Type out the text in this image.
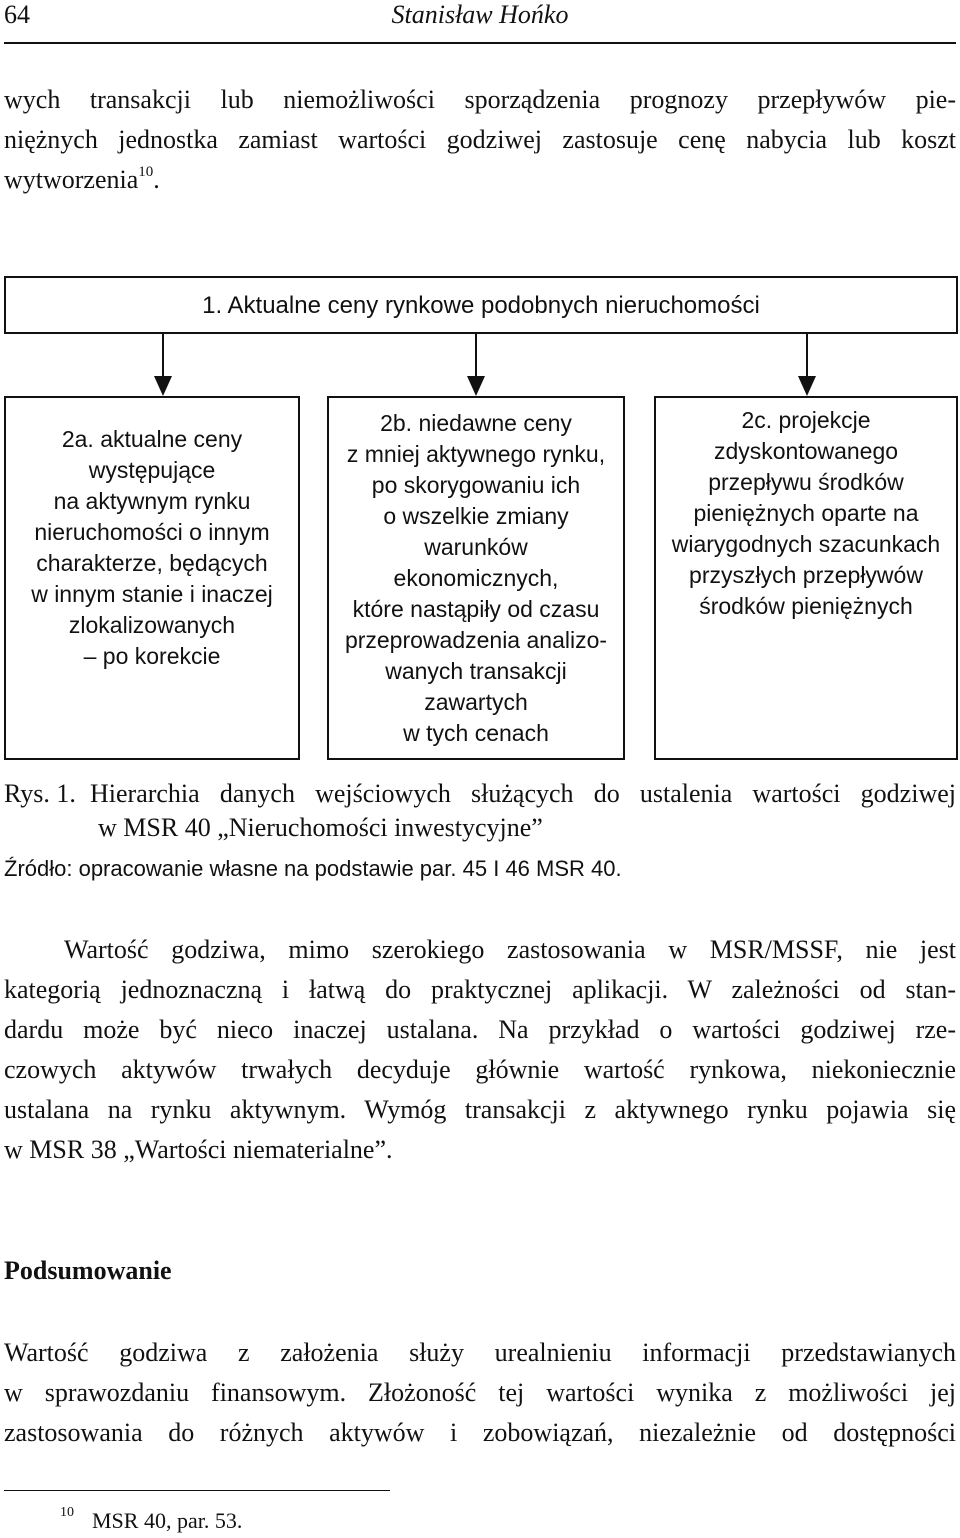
64	Stanisław Hońko
wych transakcji lub niemożliwości sporządzenia prognozy przepływów pie-
niężnych jednostka zamiast wartości godziwej zastosuje cenę nabycia lub koszt
wytworzenia$^{10}$.
1. Aktualne ceny rynkowe podobnych nieruchomości
2a. aktualne ceny
występujące
na aktywnym rynku
nieruchomości o innym
charakterze, będących
w innym stanie i inaczej
zlokalizowanych
– po korekcie
2b. niedawne ceny
z mniej aktywnego rynku,
po skorygowaniu ich
o wszelkie zmiany
warunków
ekonomicznych,
które nastąpiły od czasu
przeprowadzenia analizo-
wanych transakcji
zawartych
w tych cenach
2c. projekcje
zdyskontowanego
przepływu środków
pieniężnych oparte na
wiarygodnych szacunkach
przyszłych przepływów
środków pieniężnych
Rys. 1. Hierarchia danych wejściowych służących do ustalenia wartości godziwej
w MSR 40 „Nieruchomości inwestycyjne”
Źródło: opracowanie własne na podstawie par. 45 I 46 MSR 40.
Wartość godziwa, mimo szerokiego zastosowania w MSR/MSSF, nie jest
kategorią jednoznaczną i łatwą do praktycznej aplikacji. W zależności od stan-
dardu może być nieco inaczej ustalana. Na przykład o wartości godziwej rze-
czowych aktywów trwałych decyduje głównie wartość rynkowa, niekoniecznie
ustalana na rynku aktywnym. Wymóg transakcji z aktywnego rynku pojawia się
w MSR 38 „Wartości niematerialne”.
Podsumowanie
Wartość godziwa z założenia służy urealnieniu informacji przedstawianych
w sprawozdaniu finansowym. Złożoność tej wartości wynika z możliwości jej
zastosowania do różnych aktywów i zobowiązań, niezależnie od dostępności
$^{10}$ MSR 40, par. 53.
